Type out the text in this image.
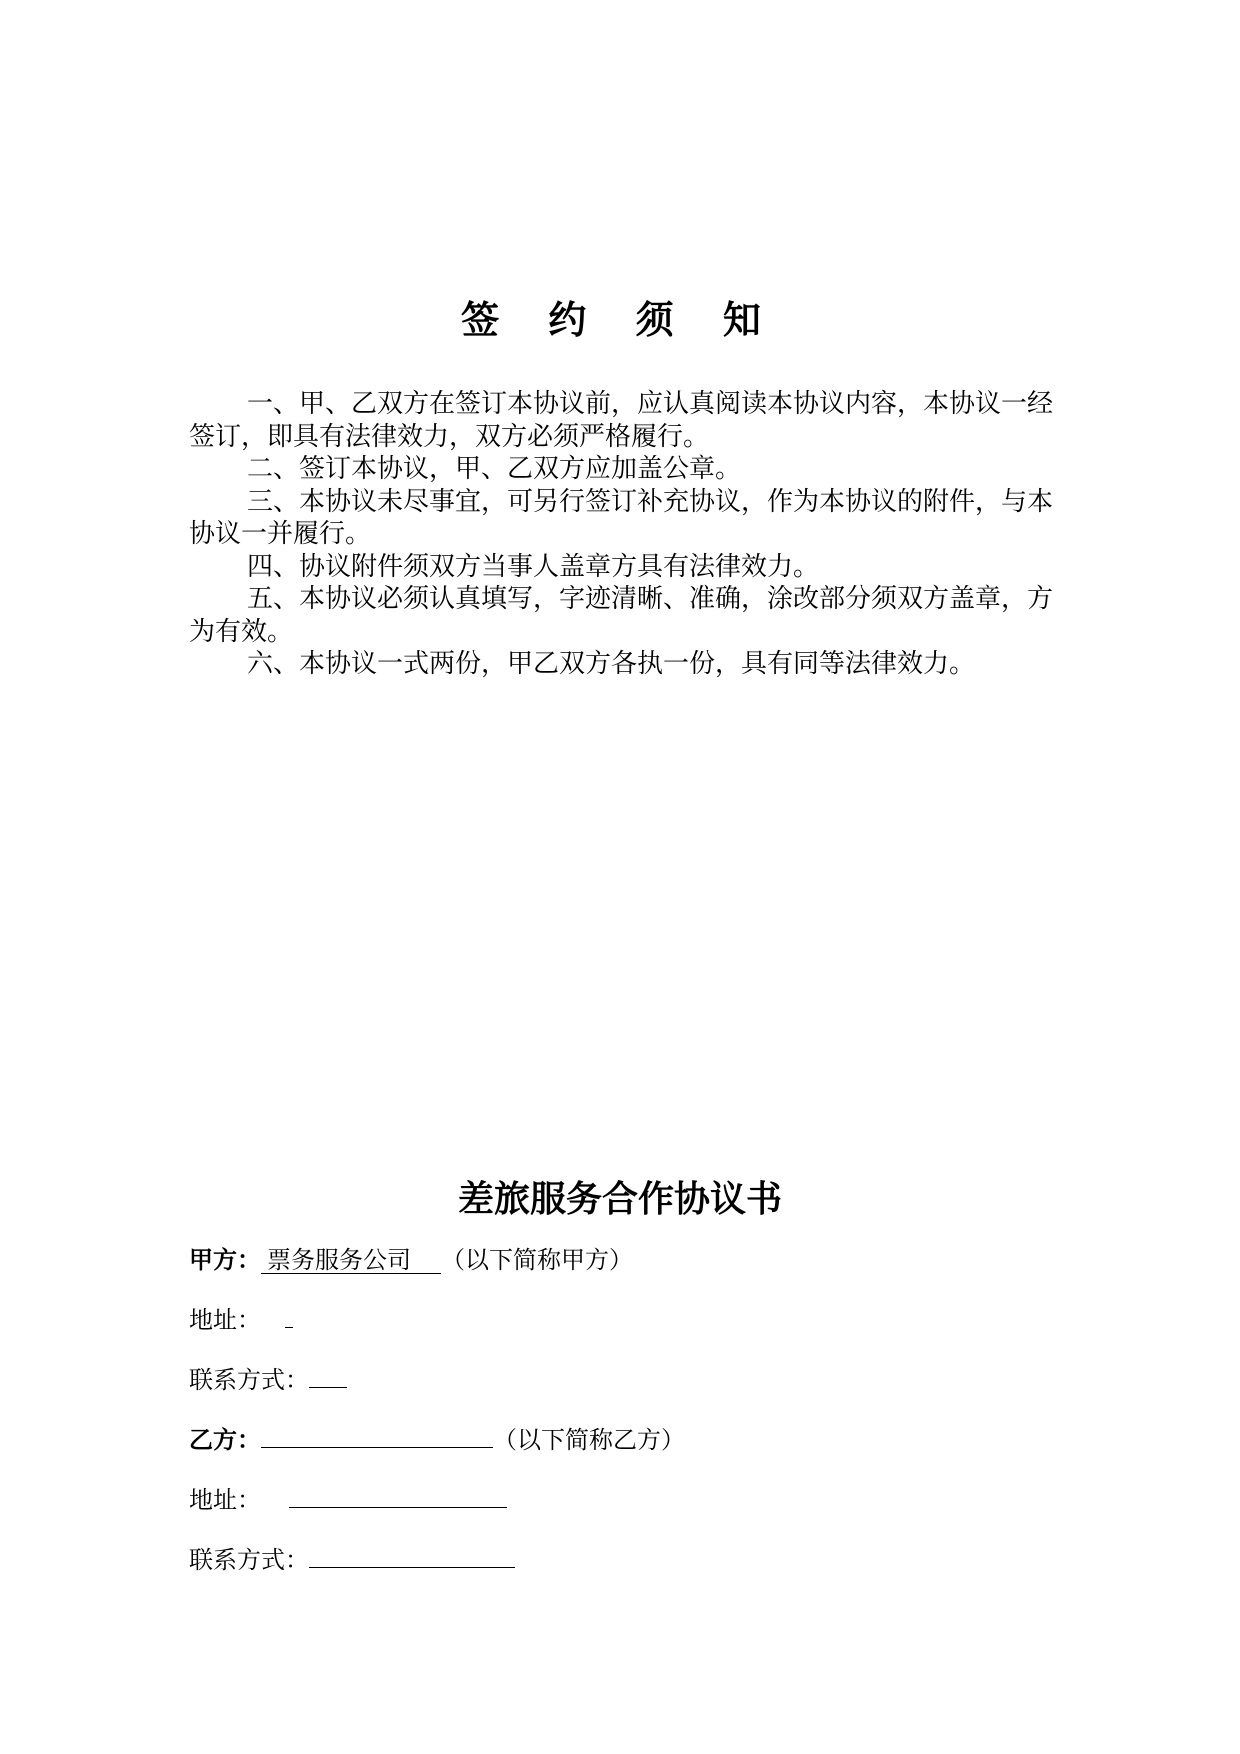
签 约 须 知

一、甲、乙双方在签订本协议前，应认真阅读本协议内容，本协议一经签订，即具有法律效力，双方必须严格履行。

二、签订本协议，甲、乙双方应加盖公章。

三、本协议未尽事宜，可另行签订补充协议，作为本协议的附件，与本协议一并履行。

四、协议附件须双方当事人盖章方具有法律效力。

五、本协议必须认真填写，字迹清晰、准确，涂改部分须双方盖章，方为有效。

六、本协议一式两份，甲乙双方各执一份，具有同等法律效力。

差旅服务合作协议书
甲方： 票务服务公司 （以下简称甲方）
地址：
联系方式：
乙方：	（以下简称乙方）
地址：
联系方式：
